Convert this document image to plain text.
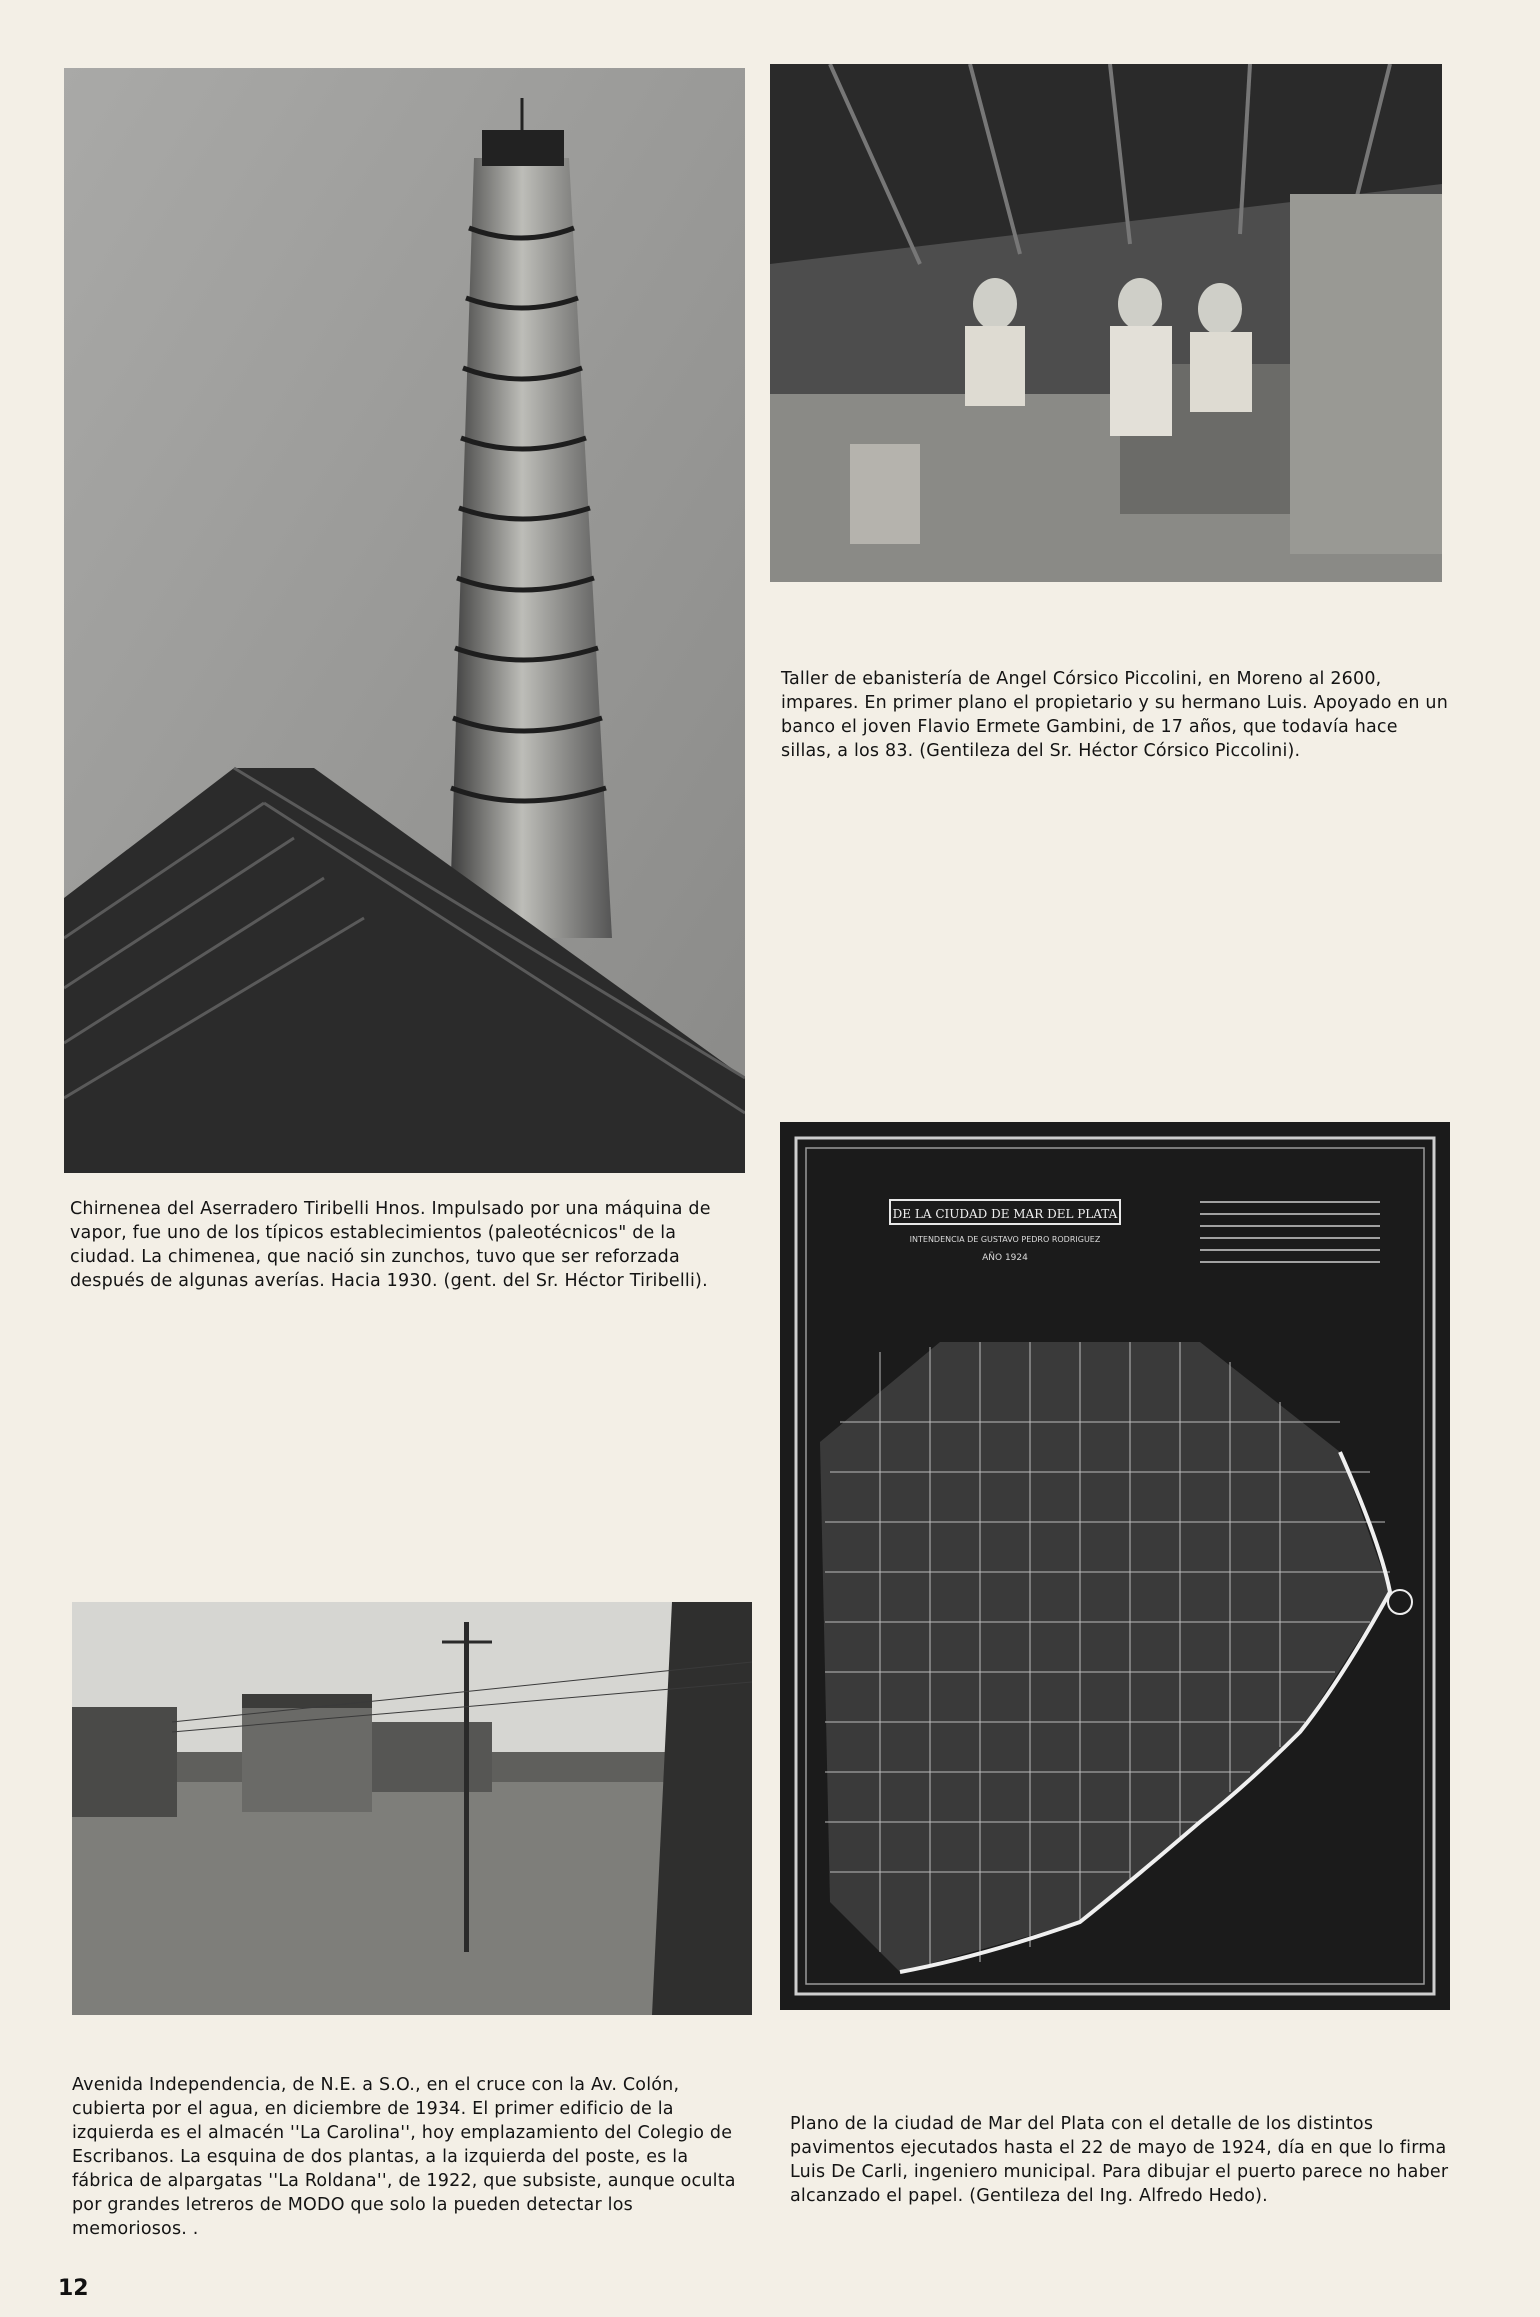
Taller de ebanistería de Angel Córsico Piccolini, en Moreno al 2600, impares. En primer plano el propietario y su hermano Luis. Apoyado en un banco el joven Flavio Ermete Gambini, de 17 años, que todavía hace sillas, a los 83. (Gentileza del Sr. Héctor Córsico Piccolini).
Chirnenea del Aserradero Tiribelli Hnos. Impulsado por una máquina de vapor, fue uno de los típicos establecimientos (paleotécnicos" de la ciudad. La chimenea, que nació sin zunchos, tuvo que ser reforzada después de algunas averías. Hacia 1930. (gent. del Sr. Héctor Tiribelli).
DE LA CIUDAD DE MAR DEL PLATA
INTENDENCIA DE GUSTAVO PEDRO RODRIGUEZ
AÑO 1924
Avenida Independencia, de N.E. a S.O., en el cruce con la Av. Colón, cubierta por el agua, en diciembre de 1934. El primer edificio de la izquierda es el almacén ''La Carolina'', hoy emplazamiento del Colegio de Escribanos. La esquina de dos plantas, a la izquierda del poste, es la fábrica de alpargatas ''La Roldana'', de 1922, que subsiste, aunque oculta por grandes letreros de MODO que solo la pueden detectar los memoriosos. .
Plano de la ciudad de Mar del Plata con el detalle de los distintos pavimentos ejecutados hasta el 22 de mayo de 1924, día en que lo firma Luis De Carli, ingeniero municipal. Para dibujar el puerto parece no haber alcanzado el papel. (Gentileza del Ing. Alfredo Hedo).
12
